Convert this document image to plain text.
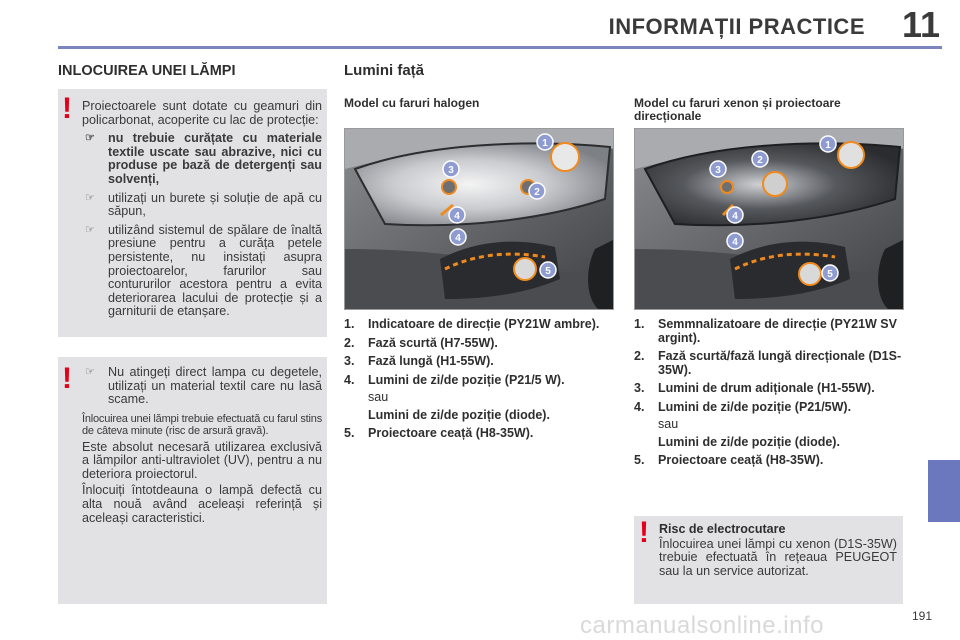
INFORMAȚII PRACTICE 11
INLOCUIREA UNEI LĂMPI	Lumini față
! Proiectoarele sunt dotate cu geamuri din policarbonat, acoperite cu lac de protecție:

☞ nu trebuie curățate cu materiale textile uscate sau abrazive, nici cu produse pe bază de detergenți sau solvenți,
☞ utilizați un burete și soluție de apă cu săpun,
☞ utilizând sistemul de spălare de înaltă presiune pentru a curăța petele persistente, nu insistați asupra proiectoarelor, farurilor sau contururilor acestora pentru a evita deteriorarea lacului de protecție și a garniturii de etanșare.
! ☞ Nu atingeți direct lampa cu degetele, utilizați un material textil care nu lasă scame.

Înlocuirea unei lămpi trebuie efectuată cu farul stins de câteva minute (risc de arsură gravă).

Este absolut necesară utilizarea exclusivă a lămpilor anti-ultraviolet (UV), pentru a nu deteriora proiectorul.

Înlocuiți întotdeauna o lampă defectă cu alta nouă având aceleași referință și aceleași caracteristici.

Model cu faruri halogen	Model cu faruri xenon și proiectoare direcționale
1
2
3
4
4
5
1
2
3
4
4
5
1. Indicatoare de direcție (PY21W ambre).
2. Fază scurtă (H7-55W).
3. Fază lungă (H1-55W).
4. Lumini de zi/de poziție (P21/5 W).
sau
Lumini de zi/de poziție (diode).
5. Proiectoare ceață (H8-35W).
1. Semmnalizatoare de direcție (PY21W SV argint).
2. Fază scurtă/fază lungă direcționale (D1S-35W).
3. Lumini de drum adiționale (H1-55W).
4. Lumini de zi/de poziție (P21/5W).
sau
Lumini de zi/de poziție (diode).
5. Proiectoare ceață (H8-35W).
! Risc de electrocutare
Înlocuirea unei lămpi cu xenon (D1S-35W) trebuie efectuată în rețeaua PEUGEOT sau la un service autorizat.
carmanualsonline.info	191
